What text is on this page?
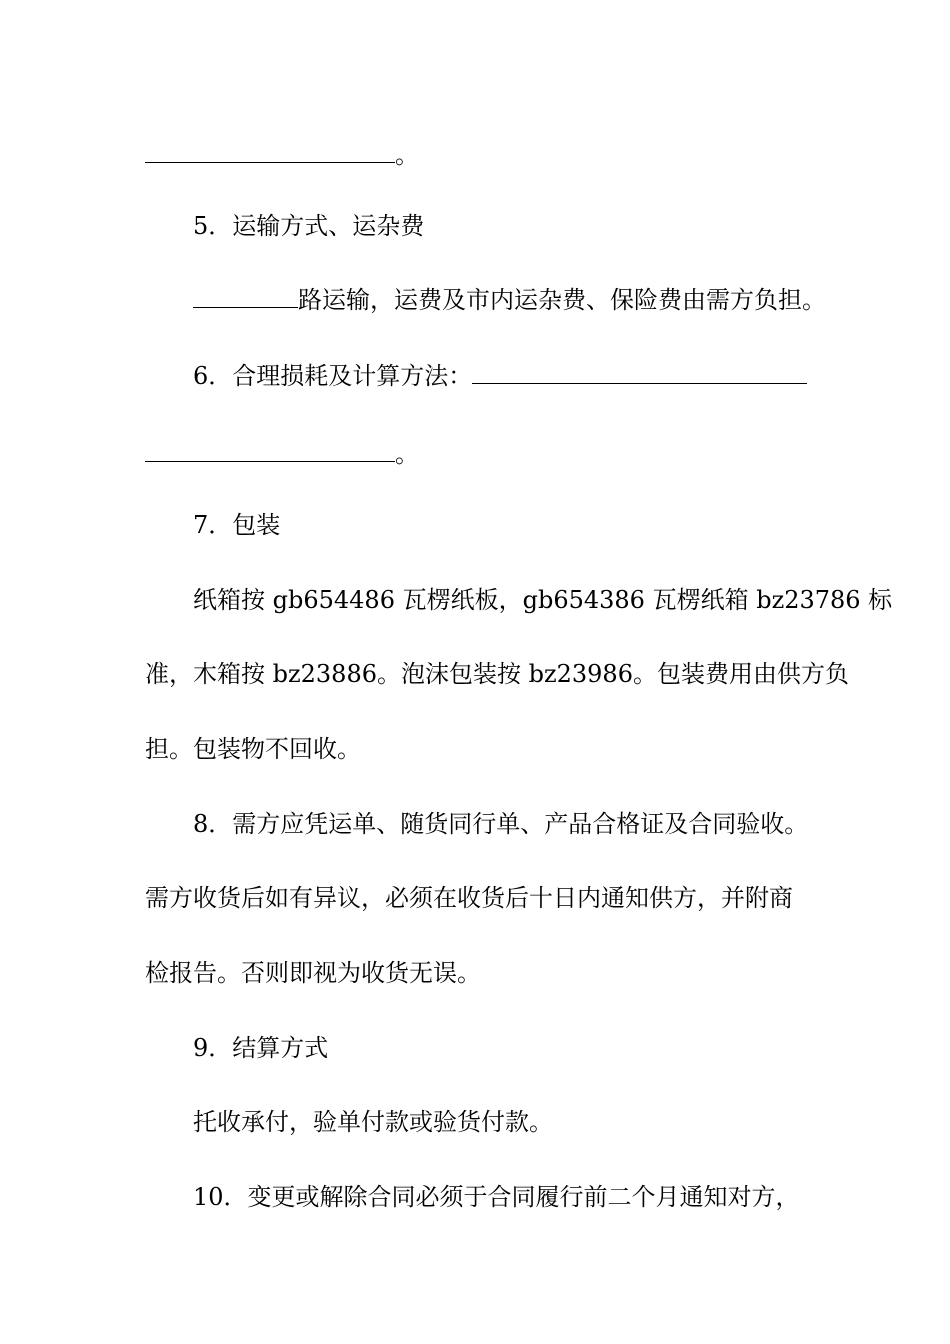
。
5．运输方式、运杂费
路运输，运费及市内运杂费、保险费由需方负担。
6．合理损耗及计算方法：
。
7．包装
纸箱按 gb654486 瓦楞纸板，gb654386 瓦楞纸箱 bz23786 标
准，木箱按 bz23886。泡沫包装按 bz23986。包装费用由供方负
担。包装物不回收。
8．需方应凭运单、随货同行单、产品合格证及合同验收。
需方收货后如有异议，必须在收货后十日内通知供方，并附商
检报告。否则即视为收货无误。
9．结算方式
托收承付，验单付款或验货付款。
10．变更或解除合同必须于合同履行前二个月通知对方，
